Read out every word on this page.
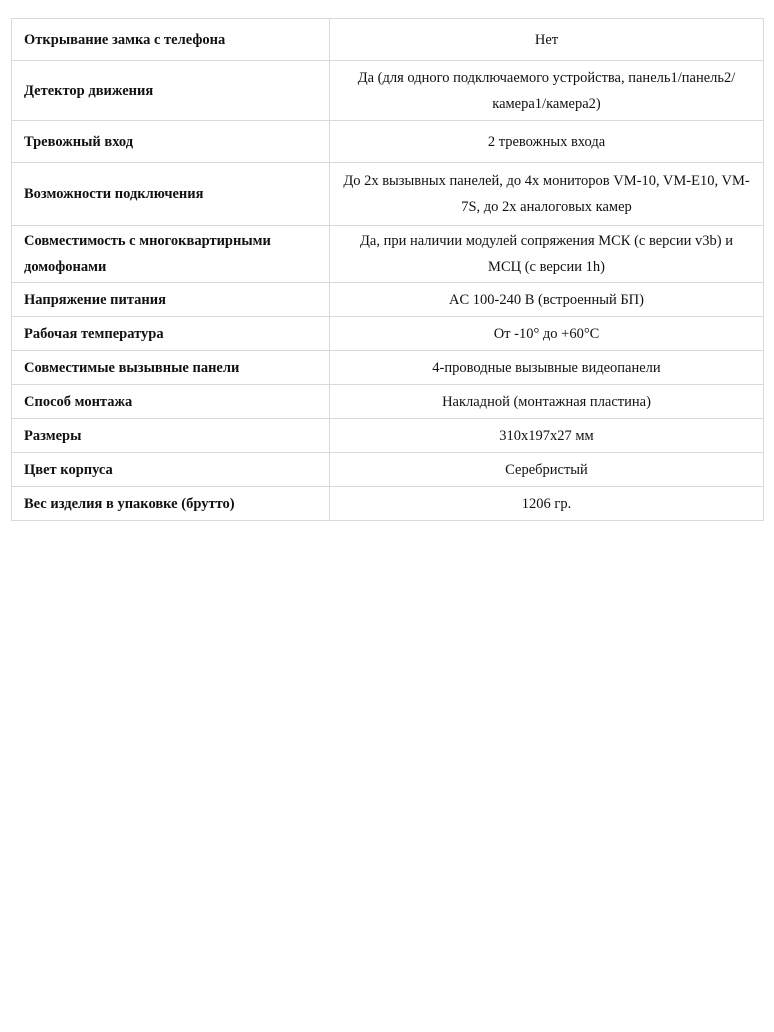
Открывание замка с телефона	Нет
Детектор движения	Да (для одного подключаемого устройства, панель1/панель2/камера1/камера2)
Тревожный вход	2 тревожных входа
Возможности подключения	До 2х вызывных панелей, до 4х мониторов VM-10, VM-E10, VM-7S, до 2х аналоговых камер
Совместимость с многоквартирными домофонами	Да, при наличии модулей сопряжения МСК (с версии v3b) и МСЦ (с версии 1h)
Напряжение питания	AC 100-240 В (встроенный БП)
Рабочая температура	От -10° до +60°C
Совместимые вызывные панели	4-проводные вызывные видеопанели
Способ монтажа	Накладной (монтажная пластина)
Размеры	310x197x27 мм
Цвет корпуса	Серебристый
Вес изделия в упаковке (брутто)	1206 гр.
